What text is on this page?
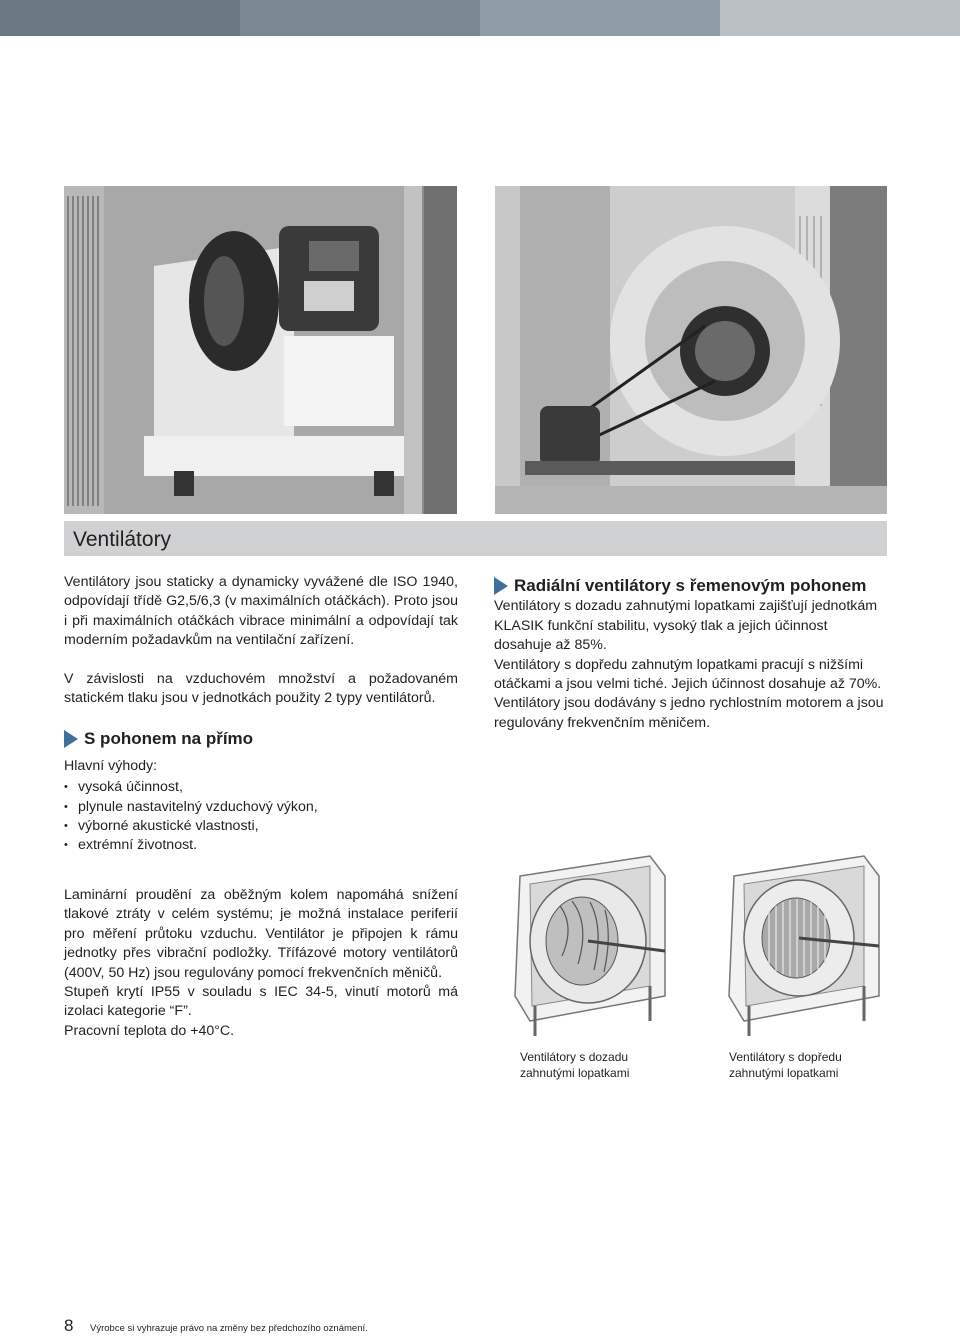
Ventilátory

Ventilátory jsou staticky a dynamicky vyvážené dle ISO 1940, odpovídají třídě G2,5/6,3 (v maximálních otáčkách). Proto jsou i při maximálních otáčkách vibrace minimální a odpovídají tak moderním požadavkům na ventilační zařízení.

V závislosti na vzduchovém množství a požadovaném statickém tlaku jsou v jednotkách použity 2 typy ventilátorů.

S pohonem na přímo

Hlavní výhody:

• vysoká účinnost,
• plynule nastavitelný vzduchový výkon,
• výborné akustické vlastnosti,
• extrémní životnost.

Laminární proudění za oběžným kolem napomáhá snížení tlakové ztráty v celém systému; je možná instalace periferií pro měření průtoku vzduchu. Ventilátor je připojen k rámu jednotky přes vibrační podložky. Třífázové motory ventilátorů (400V, 50 Hz) jsou regulovány pomocí frekvenčních měničů.

Stupeň krytí IP55 v souladu s IEC 34-5, vinutí motorů má izolaci kategorie “F”.

Pracovní teplota do +40°C.

Radiální ventilátory s řemenovým pohonem

Ventilátory s dozadu zahnutými lopatkami zajišťují jednotkám KLASIK funkční stabilitu, vysoký tlak a jejich účinnost dosahuje až 85%.

Ventilátory s dopředu zahnutým lopatkami pracují s nižšími otáčkami a jsou velmi tiché. Jejich účinnost dosahuje až 70%.

Ventilátory jsou dodávány s jedno rychlostním motorem a jsou regulovány frekvenčním měničem.

Ventilátory s dozadu
zahnutými lopatkami
Ventilátory s dopředu
zahnutými lopatkami
8 Výrobce si vyhrazuje právo na změny bez předchozího oznámení.
